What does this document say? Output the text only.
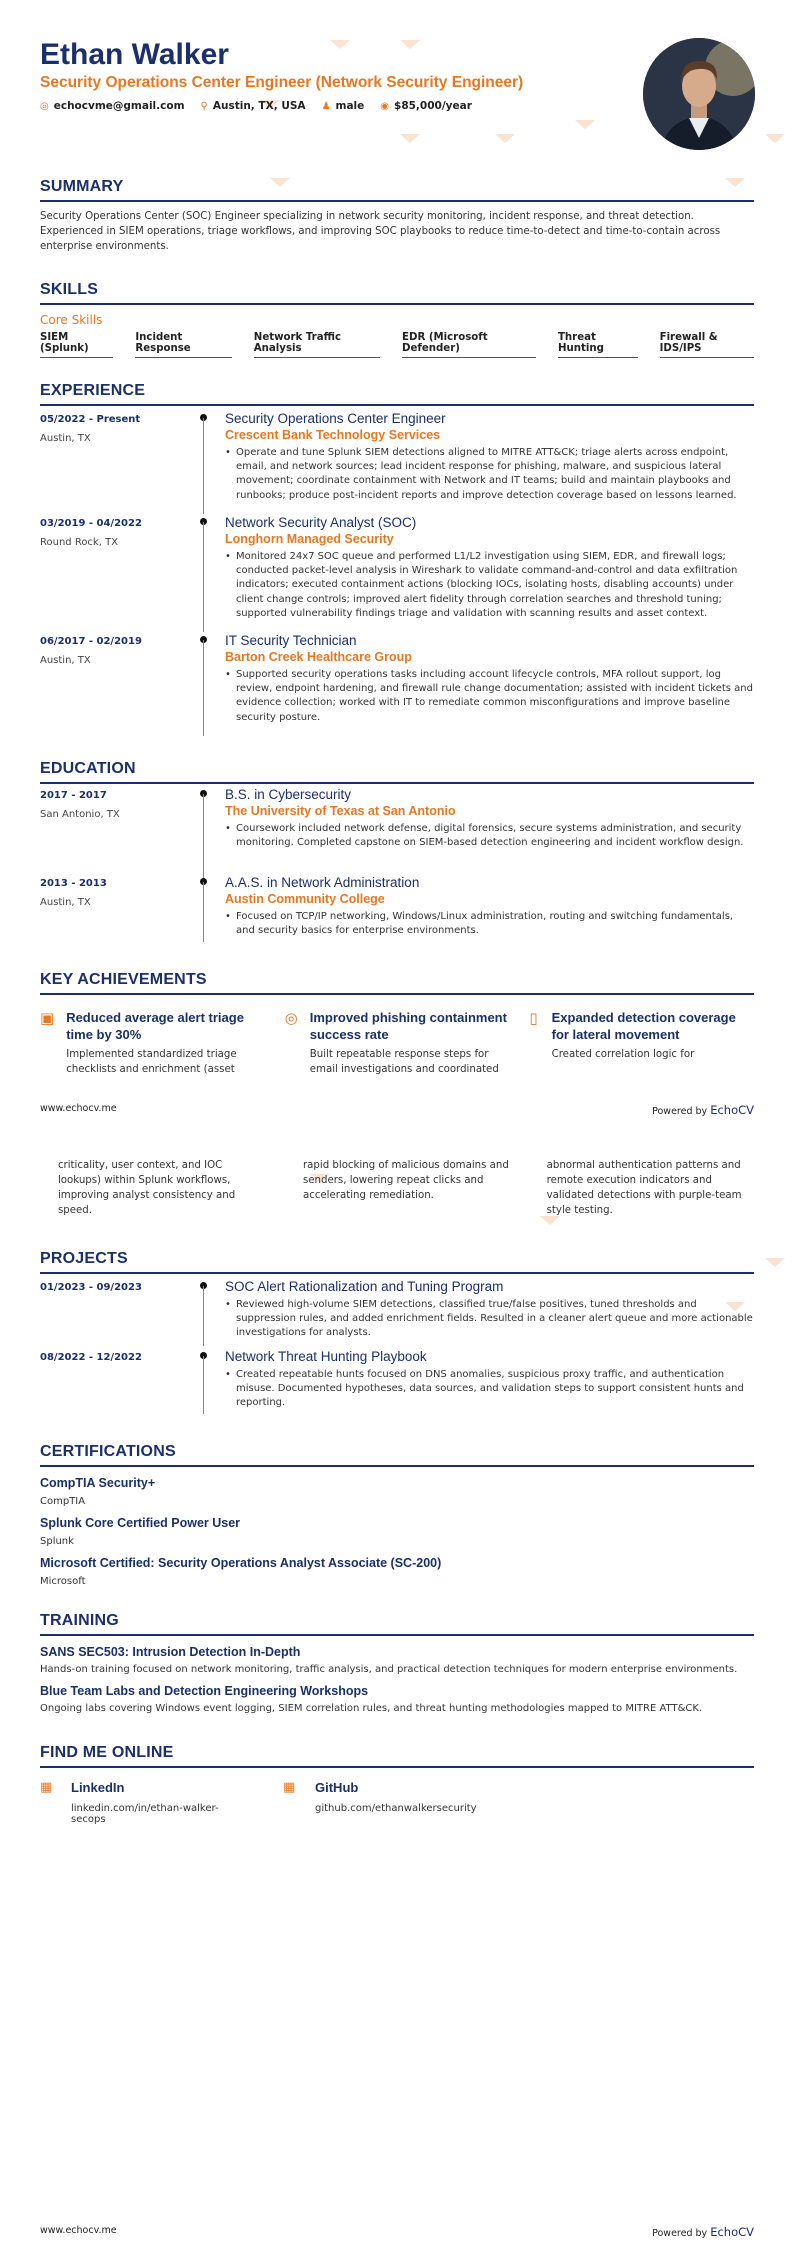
Ethan Walker
Security Operations Center Engineer (Network Security Engineer)
◎ echocvme@gmail.com ⚲ Austin, TX, USA ♟ male ◉ $85,000/year
SUMMARY
Security Operations Center (SOC) Engineer specializing in network security monitoring, incident response, and threat detection. Experienced in SIEM operations, triage workflows, and improving SOC playbooks to reduce time-to-detect and time-to-contain across enterprise environments.
SKILLS
Core Skills
SIEM (Splunk)
Incident Response
Network Traffic Analysis
EDR (Microsoft Defender)
Threat Hunting
Firewall & IDS/IPS
EXPERIENCE
05/2022 - Present
Austin, TX
Security Operations Center Engineer
Crescent Bank Technology Services
• Operate and tune Splunk SIEM detections aligned to MITRE ATT&CK; triage alerts across endpoint, email, and network sources; lead incident response for phishing, malware, and suspicious lateral movement; coordinate containment with Network and IT teams; build and maintain playbooks and runbooks; produce post-incident reports and improve detection coverage based on lessons learned.
03/2019 - 04/2022
Round Rock, TX
Network Security Analyst (SOC)
Longhorn Managed Security
• Monitored 24x7 SOC queue and performed L1/L2 investigation using SIEM, EDR, and firewall logs; conducted packet-level analysis in Wireshark to validate command-and-control and data exfiltration indicators; executed containment actions (blocking IOCs, isolating hosts, disabling accounts) under client change controls; improved alert fidelity through correlation searches and threshold tuning; supported vulnerability findings triage and validation with scanning results and asset context.
06/2017 - 02/2019
Austin, TX
IT Security Technician
Barton Creek Healthcare Group
• Supported security operations tasks including account lifecycle controls, MFA rollout support, log review, endpoint hardening, and firewall rule change documentation; assisted with incident tickets and evidence collection; worked with IT to remediate common misconfigurations and improve baseline security posture.
EDUCATION
2017 - 2017
San Antonio, TX
B.S. in Cybersecurity
The University of Texas at San Antonio
• Coursework included network defense, digital forensics, secure systems administration, and security monitoring. Completed capstone on SIEM-based detection engineering and incident workflow design.
2013 - 2013
Austin, TX
A.A.S. in Network Administration
Austin Community College
• Focused on TCP/IP networking, Windows/Linux administration, routing and switching fundamentals, and security basics for enterprise environments.
KEY ACHIEVEMENTS
▣ Reduced average alert triage time by 30%
Implemented standardized triage checklists and enrichment (asset
◎ Improved phishing containment success rate
Built repeatable response steps for email investigations and coordinated
▯ Expanded detection coverage for lateral movement
Created correlation logic for
www.echocv.me	Powered by EchoCV
criticality, user context, and IOC lookups) within Splunk workflows, improving analyst consistency and speed.
rapid blocking of malicious domains and senders, lowering repeat clicks and accelerating remediation.
abnormal authentication patterns and remote execution indicators and validated detections with purple-team style testing.
PROJECTS
01/2023 - 09/2023	SOC Alert Rationalization and Tuning Program
• Reviewed high-volume SIEM detections, classified true/false positives, tuned thresholds and suppression rules, and added enrichment fields. Resulted in a cleaner alert queue and more actionable investigations for analysts.
08/2022 - 12/2022	Network Threat Hunting Playbook
• Created repeatable hunts focused on DNS anomalies, suspicious proxy traffic, and authentication misuse. Documented hypotheses, data sources, and validation steps to support consistent hunts and reporting.
CERTIFICATIONS
CompTIA Security+
CompTIA
Splunk Core Certified Power User
Splunk
Microsoft Certified: Security Operations Analyst Associate (SC-200)
Microsoft
TRAINING
SANS SEC503: Intrusion Detection In-Depth
Hands-on training focused on network monitoring, traffic analysis, and practical detection techniques for modern enterprise environments.
Blue Team Labs and Detection Engineering Workshops
Ongoing labs covering Windows event logging, SIEM correlation rules, and threat hunting methodologies mapped to MITRE ATT&CK.
FIND ME ONLINE
▦	LinkedIn
linkedin.com/in/ethan-walker-secops
▦	GitHub
github.com/ethanwalkersecurity
www.echocv.me	Powered by EchoCV
